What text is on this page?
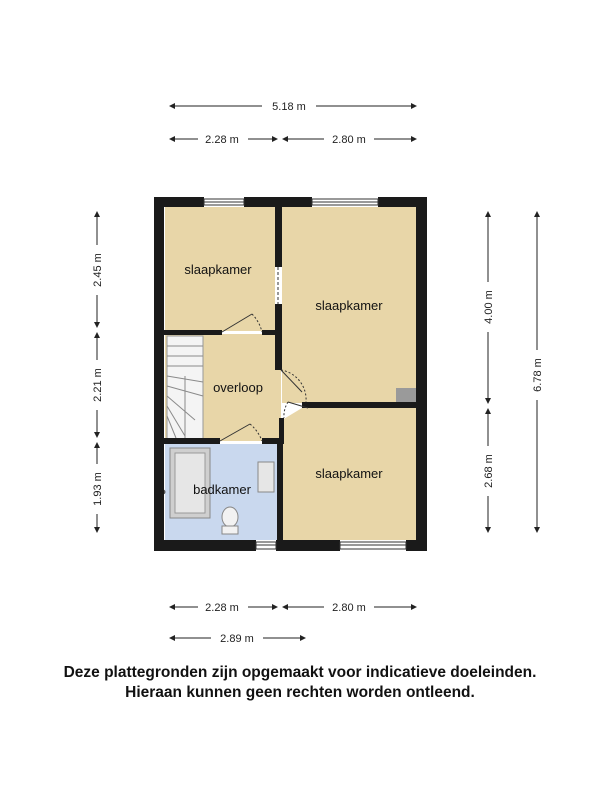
5.18 m
2.28 m	2.80 m
2.28 m	2.80 m
2.89 m
2.45 m
2.21 m
1.93 m
4.00 m
2.68 m
6.78 m
slaapkamer
slaapkamer
overloop
slaapkamer
badkamer
Deze plattegronden zijn opgemaakt voor indicatieve doeleinden.
Hieraan kunnen geen rechten worden ontleend.
